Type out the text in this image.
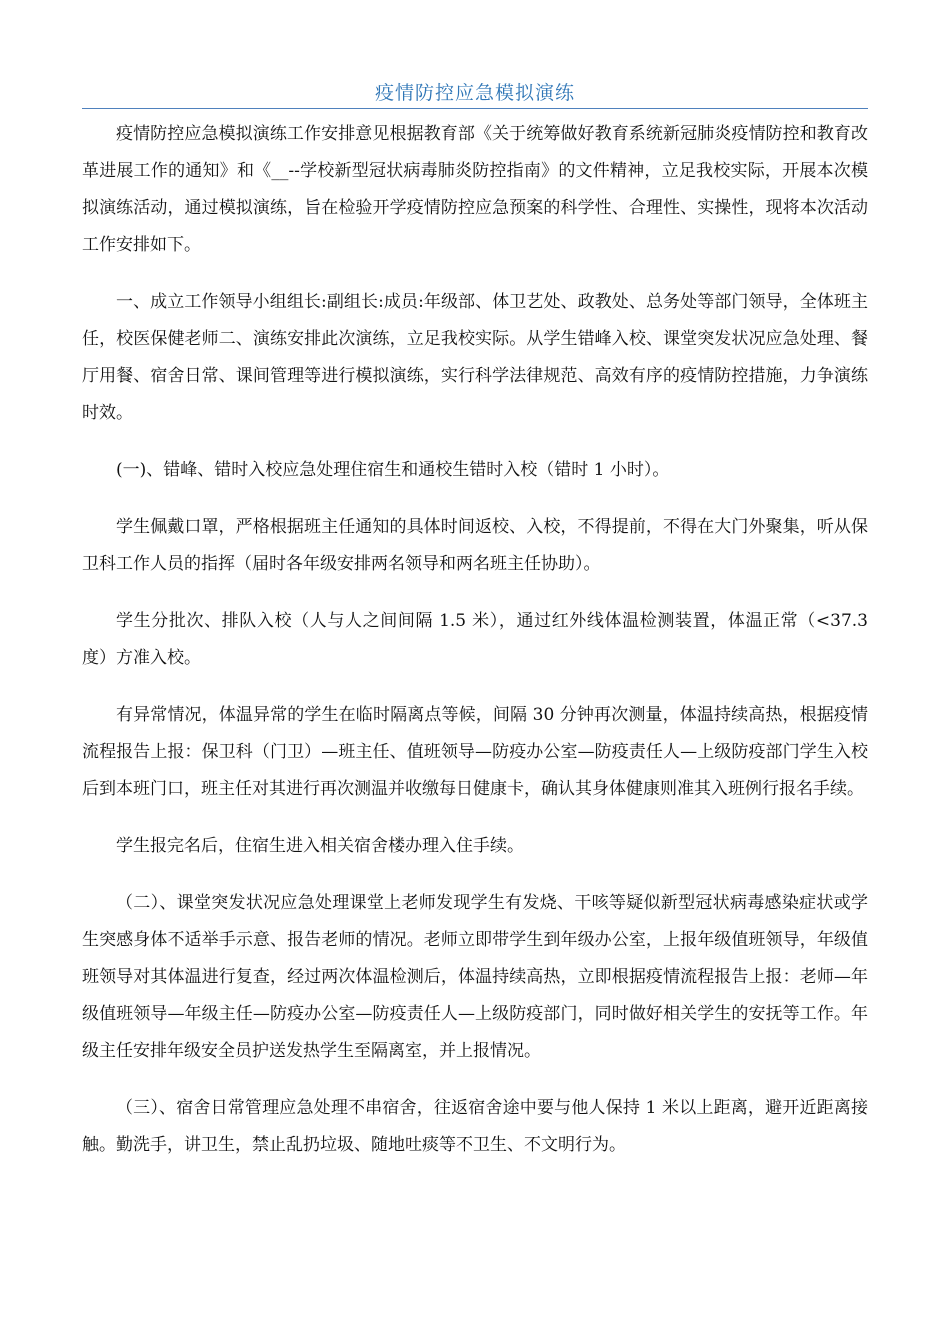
疫情防控应急模拟演练

疫情防控应急模拟演练工作安排意见根据教育部《关于统筹做好教育系统新冠肺炎疫情防控和教育改革进展工作的通知》和《__--学校新型冠状病毒肺炎防控指南》的文件精神，立足我校实际，开展本次模拟演练活动，通过模拟演练，旨在检验开学疫情防控应急预案的科学性、合理性、实操性，现将本次活动工作安排如下。

一、成立工作领导小组组长:副组长:成员:年级部、体卫艺处、政教处、总务处等部门领导，全体班主任，校医保健老师二、演练安排此次演练，立足我校实际。从学生错峰入校、课堂突发状况应急处理、餐厅用餐、宿舍日常、课间管理等进行模拟演练，实行科学法律规范、高效有序的疫情防控措施，力争演练时效。

(一)、错峰、错时入校应急处理住宿生和通校生错时入校（错时 1 小时）。

学生佩戴口罩，严格根据班主任通知的具体时间返校、入校，不得提前，不得在大门外聚集，听从保卫科工作人员的指挥（届时各年级安排两名领导和两名班主任协助）。

学生分批次、排队入校（人与人之间间隔 1.5 米），通过红外线体温检测装置，体温正常（<37.3 度）方准入校。

有异常情况，体温异常的学生在临时隔离点等候，间隔 30 分钟再次测量，体温持续高热，根据疫情流程报告上报：保卫科（门卫）—班主任、值班领导—防疫办公室—防疫责任人—上级防疫部门学生入校后到本班门口，班主任对其进行再次测温并收缴每日健康卡，确认其身体健康则准其入班例行报名手续。

学生报完名后，住宿生进入相关宿舍楼办理入住手续。

（二）、课堂突发状况应急处理课堂上老师发现学生有发烧、干咳等疑似新型冠状病毒感染症状或学生突感身体不适举手示意、报告老师的情况。老师立即带学生到年级办公室，上报年级值班领导，年级值班领导对其体温进行复查，经过两次体温检测后，体温持续高热，立即根据疫情流程报告上报：老师—年级值班领导—年级主任—防疫办公室—防疫责任人—上级防疫部门，同时做好相关学生的安抚等工作。年级主任安排年级安全员护送发热学生至隔离室，并上报情况。

（三）、宿舍日常管理应急处理不串宿舍，往返宿舍途中要与他人保持 1 米以上距离，避开近距离接触。勤洗手，讲卫生，禁止乱扔垃圾、随地吐痰等不卫生、不文明行为。
